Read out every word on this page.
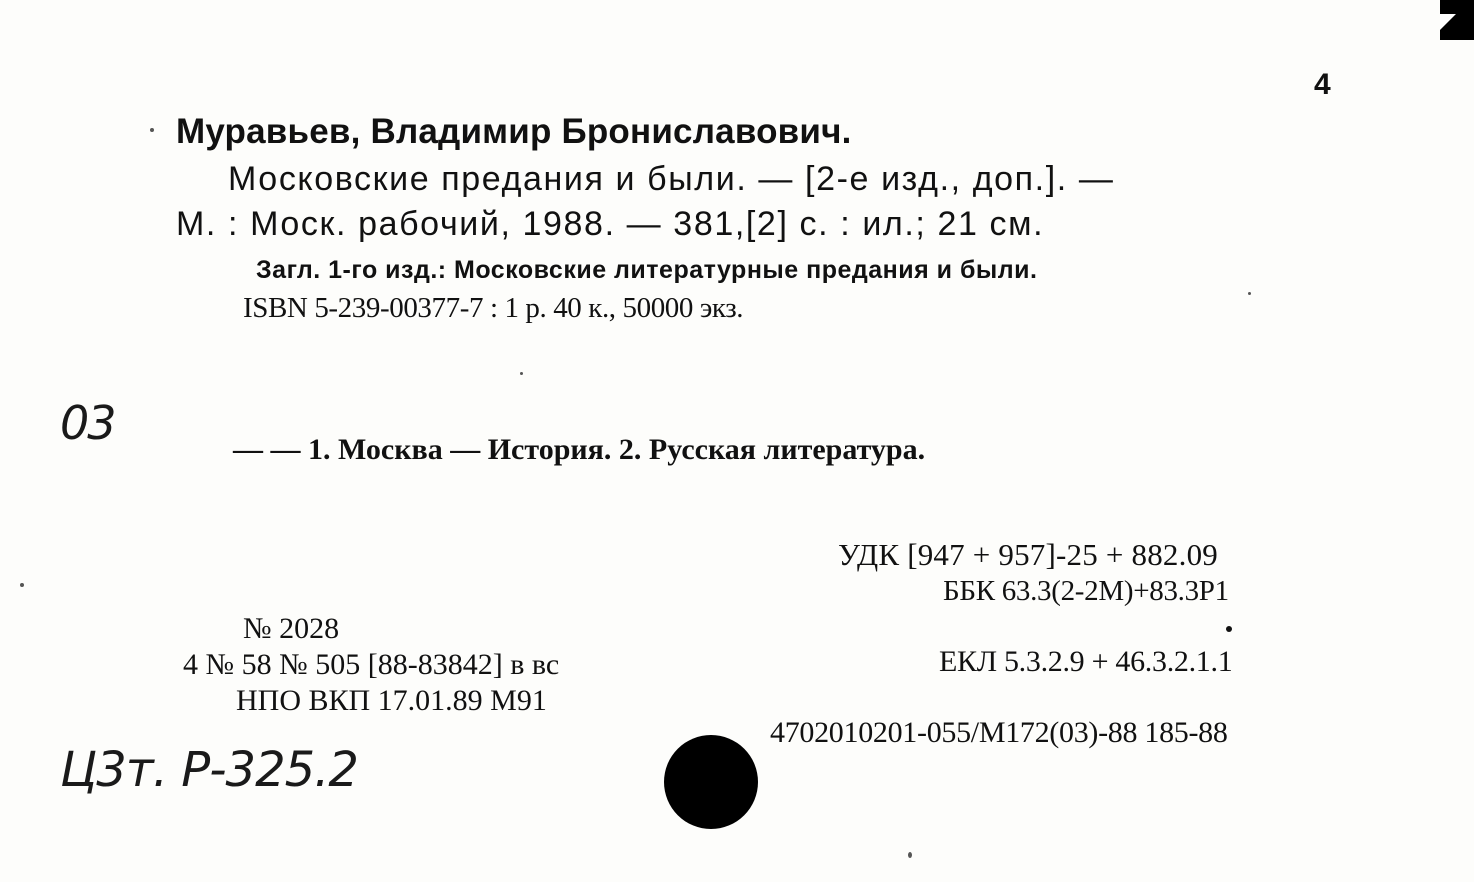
4
Муравьев, Владимир Брониславович.
Московские предания и были. — [2-е изд., доп.]. —
М. : Моск. рабочий, 1988. — 381,[2] с. : ил.; 21 см.
Загл. 1-го изд.: Московские литературные предания и были.
ISBN 5-239-00377-7 : 1 р. 40 к., 50000 экз.
03	— — 1. Москва — История. 2. Русская литература.
УДК [947 + 957]-25 + 882.09
ББК 63.3(2-2М)+83.3Р1
№ 2028
4 № 58 № 505 [88-83842] в вс
НПО ВКП 17.01.89 М91
ЕКЛ 5.3.2.9 + 46.3.2.1.1
4702010201-055/М172(03)-88 185-88
Ц3т. Р-325.2
